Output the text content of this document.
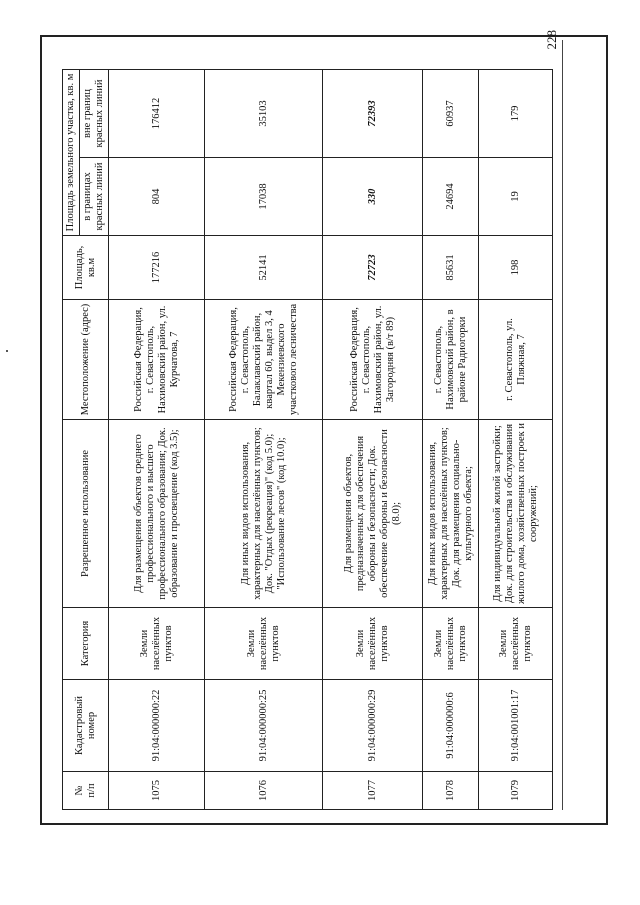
№
п/п	Кадастровый номер	Категория	Разрешенное использование	Местоположение (адрес)	Площадь, кв.м	Площадь земельного участка, кв. м	
						в границах красных линий	вне границ красных линий
1075	91:04:000000:22	Земли населённых пунктов	Для размещения объектов среднего профессионального и высшего профессионального образования; Док. образование и просвещение (код 3.5);	Российская Федерация, г. Севастополь, Нахимовский район, ул. Курчатова, 7	177216	804	176412
1076	91:04:000000:25	Земли населённых пунктов	Для иных видов использования, характерных для населённых пунктов; Док. "Отдых (рекреация)" (код 5.0); "Использование лесов" (код 10.0);	Российская Федерация, г. Севастополь, Балаклавский район, квартал 60, выдел 3, 4 Мекензиевского участкового лесничества	52141	17038	35103
1077	91:04:000000:29	Земли населённых пунктов	Для размещения объектов, предназначенных для обеспечения обороны и безопасности; Док. обеспечение обороны и безопасности (8.0);	Российская Федерация, г. Севастополь, Нахимовский район, ул. Загородняя (в/т 89)	72723	330	72393
1078	91:04:000000:6	Земли населённых пунктов	Для иных видов использования, характерных для населённых пунктов; Док. для размещения социально-культурного объекта;	г. Севастополь, Нахимовский район, в районе Радиогорки	85631	24694	60937
1079	91:04:001001:17	Земли населённых пунктов	Для индивидуальной жилой застройки; Док. для строительства и обслуживания жилого дома, хозяйственных построек и сооружений;	г. Севастополь, ул. Пляжная, 7	198	19	179
228
